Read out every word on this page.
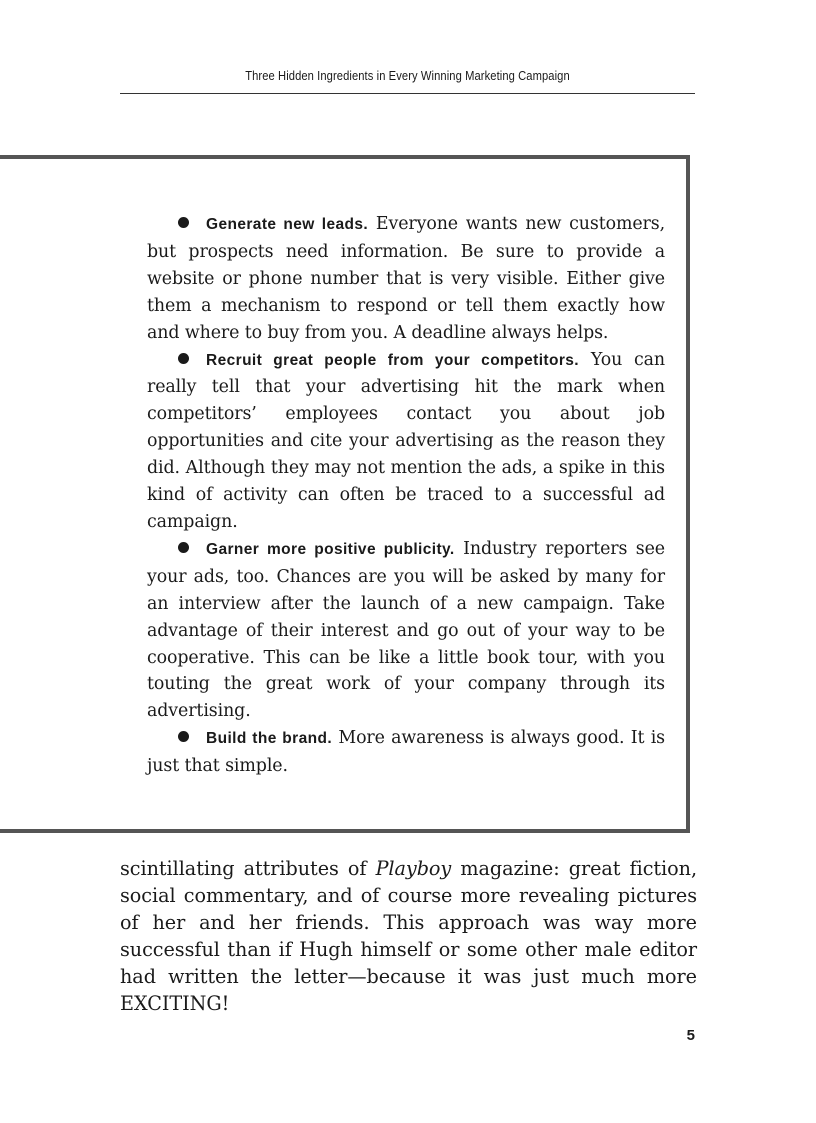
Three Hidden Ingredients in Every Winning Marketing Campaign

Generate new leads. Everyone wants new customers, but prospects need information. Be sure to provide a website or phone number that is very visible. Either give them a mechanism to respond or tell them exactly how and where to buy from you. A deadline always helps.

Recruit great people from your competitors. You can really tell that your advertising hit the mark when competitors’ employees contact you about job opportunities and cite your advertising as the reason they did. Although they may not mention the ads, a spike in this kind of activity can often be traced to a successful ad campaign.

Garner more positive publicity. Industry reporters see your ads, too. Chances are you will be asked by many for an interview after the launch of a new campaign. Take advantage of their interest and go out of your way to be cooperative. This can be like a little book tour, with you touting the great work of your company through its advertising.

Build the brand. More awareness is always good. It is just that simple.

scintillating attributes of Playboy magazine: great fiction, social commentary, and of course more revealing pictures of her and her friends. This approach was way more successful than if Hugh himself or some other male editor had written the letter—because it was just much more EXCITING!

5
